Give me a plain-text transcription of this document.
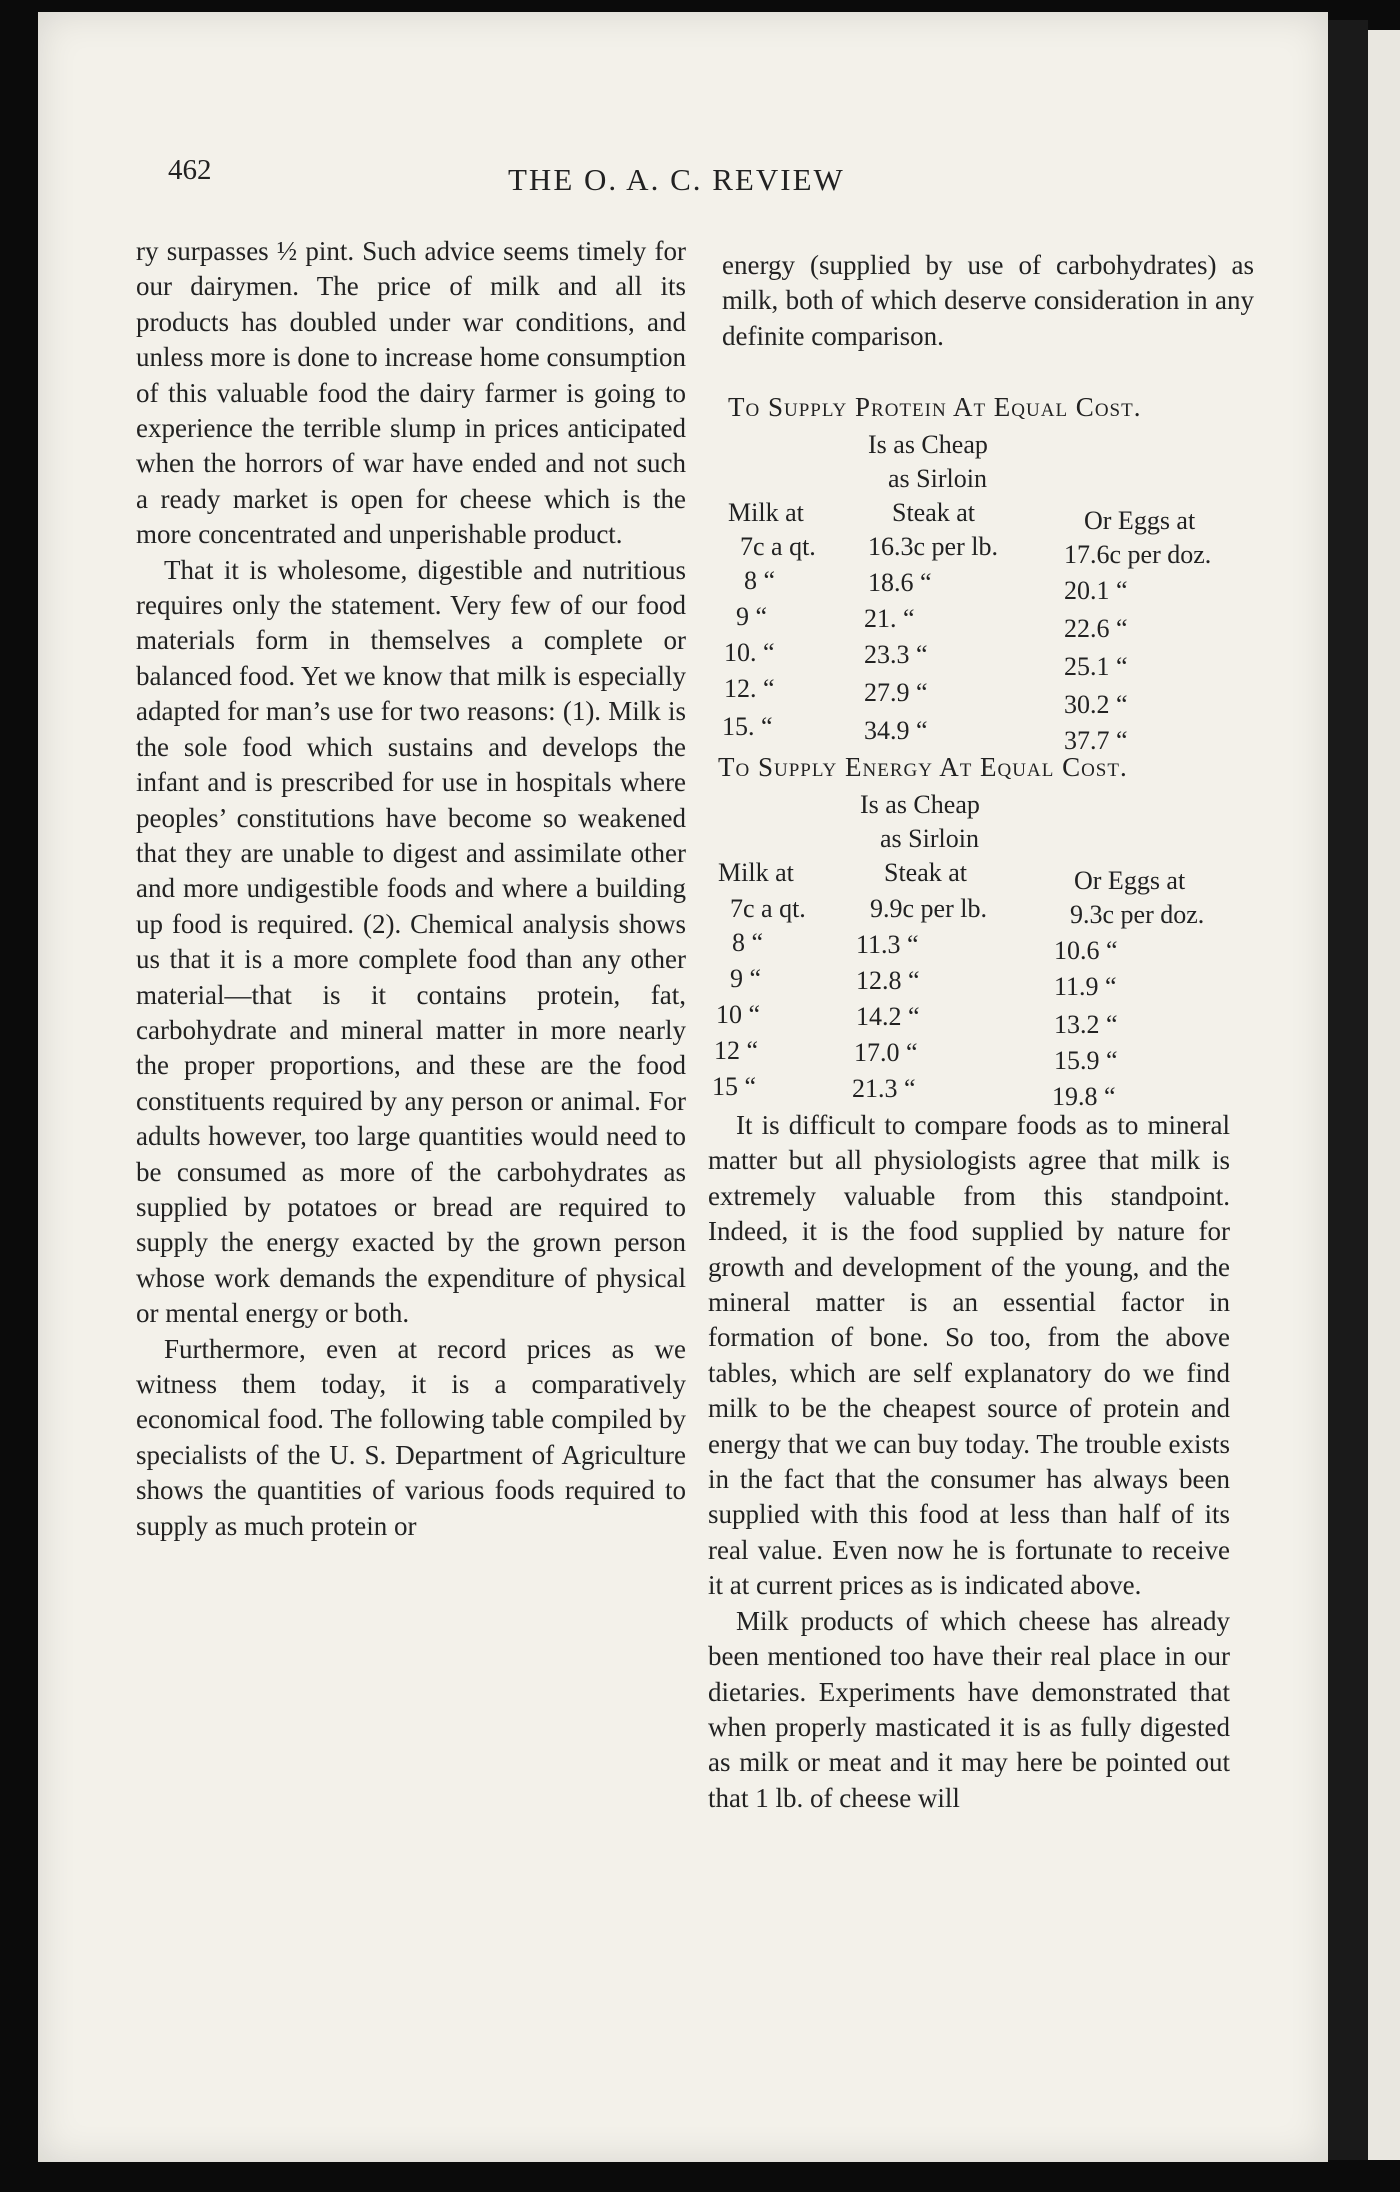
462	THE O. A. C. REVIEW

ry surpasses ½ pint. Such advice seems timely for our dairymen. The price of milk and all its products has doubled under war conditions, and unless more is done to increase home consumption of this valuable food the dairy farmer is going to experience the terrible slump in prices anticipated when the horrors of war have ended and not such a ready market is open for cheese which is the more concentrated and unperishable product.

That it is wholesome, digestible and nutritious requires only the statement. Very few of our food materials form in themselves a complete or balanced food. Yet we know that milk is especially adapted for man’s use for two reasons: (1). Milk is the sole food which sustains and develops the infant and is prescribed for use in hospitals where peoples’ constitutions have become so weakened that they are unable to digest and assimilate other and more undigestible foods and where a building up food is required. (2). Chemical analysis shows us that it is a more complete food than any other material—that is it contains protein, fat, carbohydrate and mineral matter in more nearly the proper proportions, and these are the food constituents required by any person or animal. For adults however, too large quantities would need to be consumed as more of the carbohydrates as supplied by potatoes or bread are required to supply the energy exacted by the grown person whose work demands the expenditure of physical or mental energy or both.

Furthermore, even at record prices as we witness them today, it is a comparatively economical food. The following table compiled by specialists of the U. S. Department of Agriculture shows the quantities of various foods required to supply as much protein or

energy (supplied by use of carbohydrates) as milk, both of which deserve consideration in any definite comparison.

To Supply Protein At Equal Cost.
Is as Cheap
as Sirloin
Milk at	Steak at	Or Eggs at
7c a qt. 16.3c per lb.	17.6c per doz.
8 “	18.6 “	20.1 “
9 “	21. “	22.6 “
10. “	23.3 “	25.1 “
12. “	27.9 “	30.2 “
15. “	34.9 “	37.7 “
To Supply Energy At Equal Cost.
Is as Cheap
as Sirloin
Milk at	Steak at	Or Eggs at
7c a qt. 9.9c per lb.	9.3c per doz.
8 “	11.3 “	10.6 “
9 “	12.8 “	11.9 “
10 “	14.2 “	13.2 “
12 “	17.0 “	15.9 “
15 “	21.3 “	19.8 “

It is difficult to compare foods as to mineral matter but all physiologists agree that milk is extremely valuable from this standpoint. Indeed, it is the food supplied by nature for growth and development of the young, and the mineral matter is an essential factor in formation of bone. So too, from the above tables, which are self explanatory do we find milk to be the cheapest source of protein and energy that we can buy today. The trouble exists in the fact that the consumer has always been supplied with this food at less than half of its real value. Even now he is fortunate to receive it at current prices as is indicated above.

Milk products of which cheese has already been mentioned too have their real place in our dietaries. Experiments have demonstrated that when properly masticated it is as fully digested as milk or meat and it may here be pointed out that 1 lb. of cheese will
